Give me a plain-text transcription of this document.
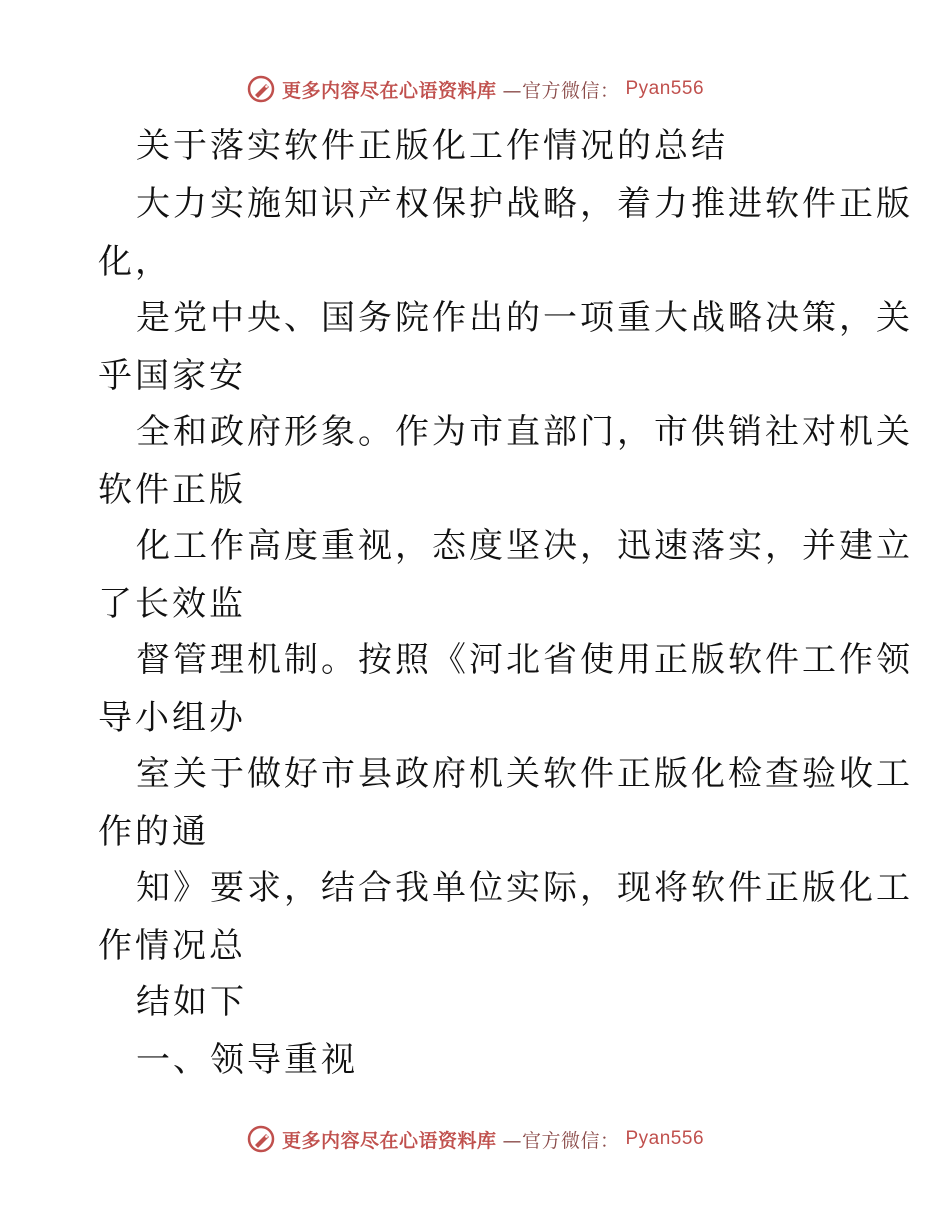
更多内容尽在心语资料库 —官方微信： Pyan556

关于落实软件正版化工作情况的总结

大力实施知识产权保护战略，着力推进软件正版

化，

是党中央、国务院作出的一项重大战略决策，关

乎国家安

全和政府形象。作为市直部门，市供销社对机关

软件正版

化工作高度重视，态度坚决，迅速落实，并建立

了长效监

督管理机制。按照《河北省使用正版软件工作领

导小组办

室关于做好市县政府机关软件正版化检查验收工

作的通

知》要求，结合我单位实际，现将软件正版化工

作情况总

结如下

一、领导重视

更多内容尽在心语资料库 —官方微信： Pyan556
